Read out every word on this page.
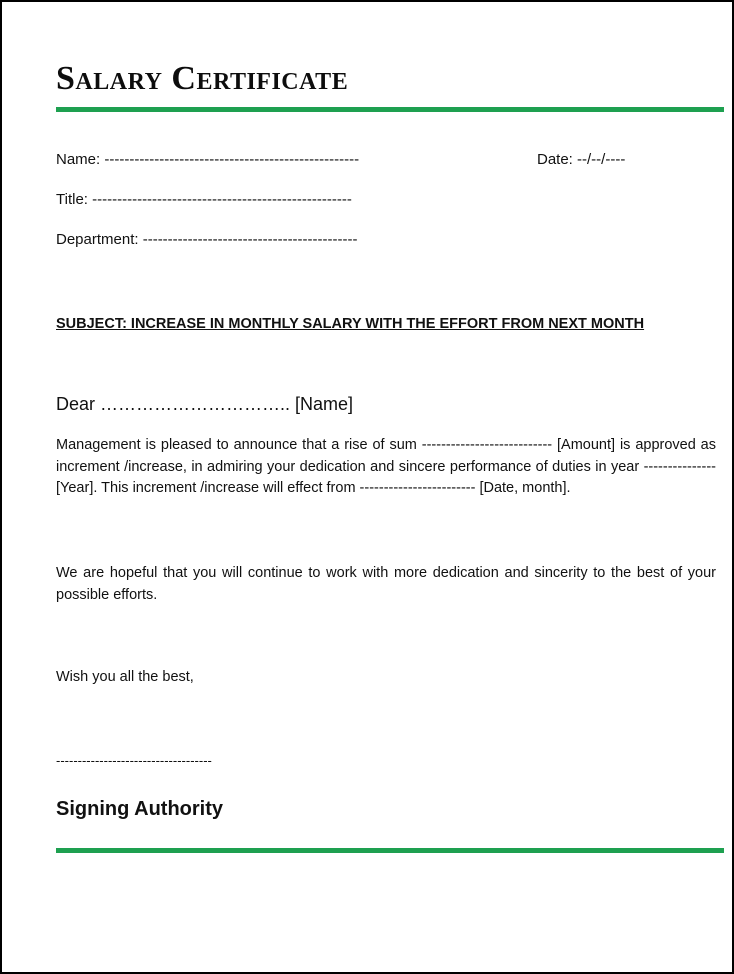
Salary Certificate
Name: ---------------------------------------------------	Date: --/--/----
Title: ----------------------------------------------------
Department: -------------------------------------------
SUBJECT: INCREASE IN MONTHLY SALARY WITH THE EFFORT FROM NEXT MONTH
Dear ………………………….. [Name]

Management is pleased to announce that a rise of sum --------------------------- [Amount] is approved as increment /increase, in admiring your dedication and sincere performance of duties in year --------------- [Year]. This increment /increase will effect from ------------------------ [Date, month].

We are hopeful that you will continue to work with more dedication and sincerity to the best of your possible efforts.

Wish you all the best,
------------------------------------
Signing Authority
